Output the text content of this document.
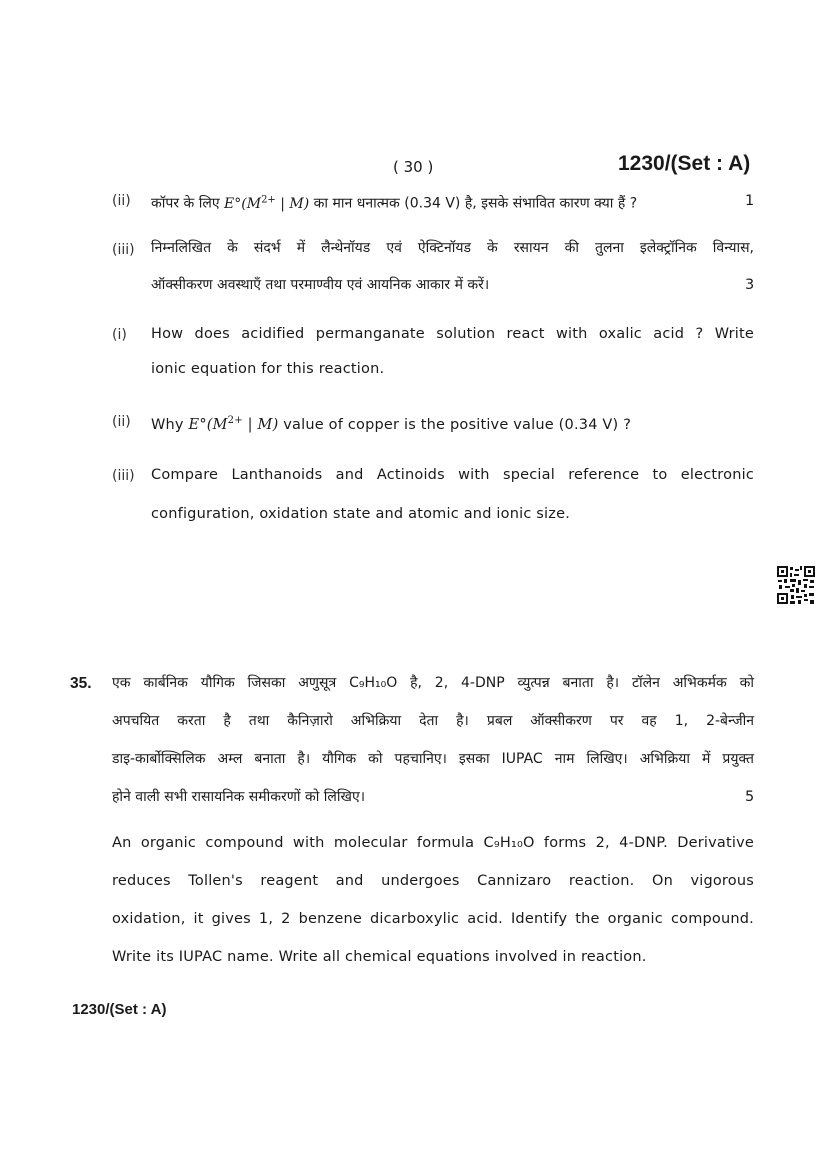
( 30 )	1230/(Set : A)
(ii) कॉपर के लिए $E^\circ(M^{2+}$ | M) का मान धनात्मक (0.34 V) है, इसके संभावित कारण क्या हैं ?	1
(iii) निम्नलिखित के संदर्भ में लैन्थेनॉयड एवं ऐक्टिनॉयड के रसायन की तुलना इलेक्ट्रॉनिक विन्यास,
ऑक्सीकरण अवस्थाएँ तथा परमाण्वीय एवं आयनिक आकार में करें।	3
(i) How does acidified permanganate solution react with oxalic acid ? Write
ionic equation for this reaction.
(ii) Why $E^\circ(M^{2+}$ | M) value of copper is the positive value (0.34 V) ?
(iii) Compare Lanthanoids and Actinoids with special reference to electronic
configuration, oxidation state and atomic and ionic size.
35. एक कार्बनिक यौगिक जिसका अणुसूत्र C₉H₁₀O है, 2, 4-DNP व्युत्पन्न बनाता है। टॉलेन अभिकर्मक को
अपचयित करता है तथा कैनिज़ारो अभिक्रिया देता है। प्रबल ऑक्सीकरण पर वह 1, 2-बेन्जीन
डाइ-कार्बोक्सिलिक अम्ल बनाता है। यौगिक को पहचानिए। इसका IUPAC नाम लिखिए। अभिक्रिया में प्रयुक्त
होने वाली सभी रासायनिक समीकरणों को लिखिए।	5
An organic compound with molecular formula C₉H₁₀O forms 2, 4-DNP. Derivative
reduces Tollen's reagent and undergoes Cannizaro reaction. On vigorous
oxidation, it gives 1, 2 benzene dicarboxylic acid. Identify the organic compound.
Write its IUPAC name. Write all chemical equations involved in reaction.
1230/(Set : A)
